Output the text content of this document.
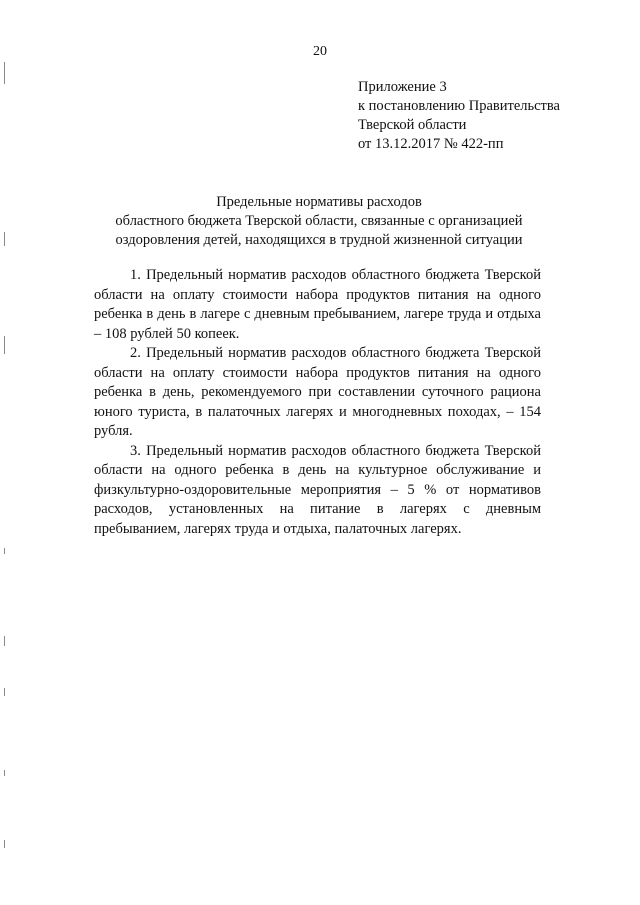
20
Приложение 3
к постановлению Правительства
Тверской области
от 13.12.2017 № 422-пп
Предельные нормативы расходов
областного бюджета Тверской области, связанные с организацией
оздоровления детей, находящихся в трудной жизненной ситуации

1. Предельный норматив расходов областного бюджета Тверской области на оплату стоимости набора продуктов питания на одного ребенка в день в лагере с дневным пребыванием, лагере труда и отдыха – 108 рублей 50 копеек.

2. Предельный норматив расходов областного бюджета Тверской области на оплату стоимости набора продуктов питания на одного ребенка в день, рекомендуемого при составлении суточного рациона юного туриста, в палаточных лагерях и многодневных походах, – 154 рубля.

3. Предельный норматив расходов областного бюджета Тверской области на одного ребенка в день на культурное обслуживание и физкультурно-оздоровительные мероприятия – 5 % от нормативов расходов, установленных на питание в лагерях с дневным пребыванием, лагерях труда и отдыха, палаточных лагерях.
